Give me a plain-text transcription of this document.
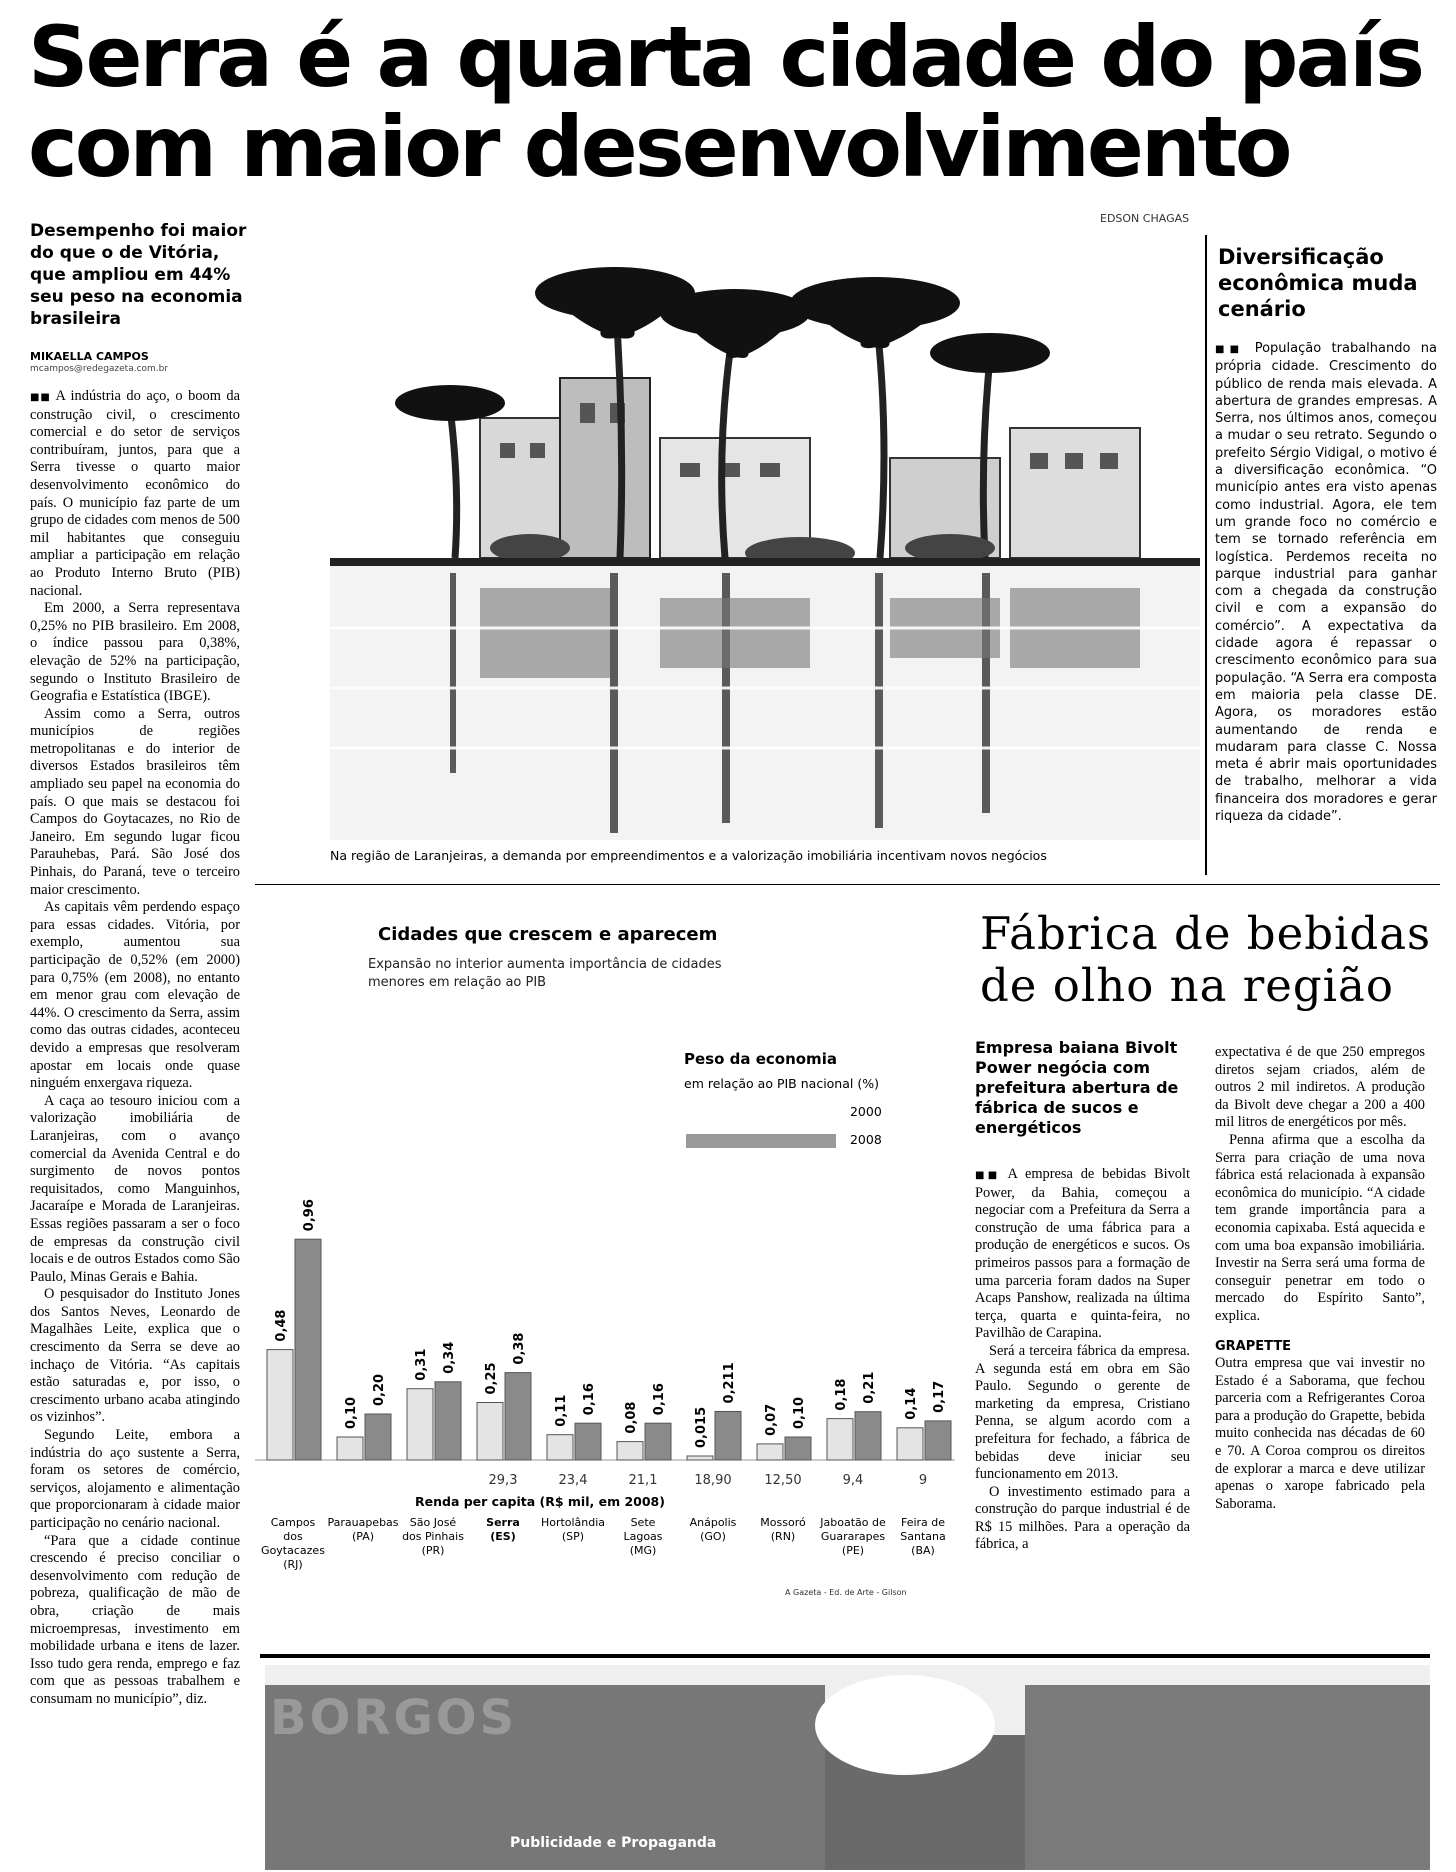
Serra é a quarta cidade do país
com maior desenvolvimento
Desempenho foi maior do que o de Vitória, que ampliou em 44% seu peso na economia brasileira
MIKAELLA CAMPOS
mcampos@redegazeta.com.br

■■ A indústria do aço, o boom da construção civil, o crescimento comercial e do setor de serviços contribuíram, juntos, para que a Serra tivesse o quarto maior desenvolvimento econômico do país. O município faz parte de um grupo de cidades com menos de 500 mil habitantes que conseguiu ampliar a participação em relação ao Produto Interno Bruto (PIB) nacional.

Em 2000, a Serra representava 0,25% no PIB brasileiro. Em 2008, o índice passou para 0,38%, elevação de 52% na participação, segundo o Instituto Brasileiro de Geografia e Estatística (IBGE).

Assim como a Serra, outros municípios de regiões metropolitanas e do interior de diversos Estados brasileiros têm ampliado seu papel na economia do país. O que mais se destacou foi Campos do Goytacazes, no Rio de Janeiro. Em segundo lugar ficou Parauhebas, Pará. São José dos Pinhais, do Paraná, teve o terceiro maior crescimento.

As capitais vêm perdendo espaço para essas cidades. Vitória, por exemplo, aumentou sua participação de 0,52% (em 2000) para 0,75% (em 2008), no entanto em menor grau com elevação de 44%. O crescimento da Serra, assim como das outras cidades, aconteceu devido a empresas que resolveram apostar em locais onde quase ninguém enxergava riqueza.

A caça ao tesouro iniciou com a valorização imobiliária de Laranjeiras, com o avanço comercial da Avenida Central e do surgimento de novos pontos requisitados, como Manguinhos, Jacaraípe e Morada de Laranjeiras. Essas regiões passaram a ser o foco de empresas da construção civil locais e de outros Estados como São Paulo, Minas Gerais e Bahia.

O pesquisador do Instituto Jones dos Santos Neves, Leonardo de Magalhães Leite, explica que o crescimento da Serra se deve ao inchaço de Vitória. “As capitais estão saturadas e, por isso, o crescimento urbano acaba atingindo os vizinhos”.

Segundo Leite, embora a indústria do aço sustente a Serra, foram os setores de comércio, serviços, alojamento e alimentação que proporcionaram à cidade maior participação no cenário nacional.

“Para que a cidade continue crescendo é preciso conciliar o desenvolvimento com redução de pobreza, qualificação de mão de obra, criação de mais microempresas, investimento em mobilidade urbana e itens de lazer. Isso tudo gera renda, emprego e faz com que as pessoas trabalhem e consumam no município”, diz.

EDSON CHAGAS
Na região de Laranjeiras, a demanda por empreendimentos e a valorização imobiliária incentivam novos negócios
Diversificação econômica muda cenário
■■ População trabalhando na própria cidade. Crescimento do público de renda mais elevada. A abertura de grandes empresas. A Serra, nos últimos anos, começou a mudar o seu retrato. Segundo o prefeito Sérgio Vidigal, o motivo é a diversificação econômica. “O município antes era visto apenas como industrial. Agora, ele tem um grande foco no comércio e tem se tornado referência em logística. Perdemos receita no parque industrial para ganhar com a chegada da construção civil e com a expansão do comércio”. A expectativa da cidade agora é repassar o crescimento econômico para sua população. “A Serra era composta em maioria pela classe DE. Agora, os moradores estão aumentando de renda e mudaram para classe C. Nossa meta é abrir mais oportunidades de trabalho, melhorar a vida financeira dos moradores e gerar riqueza da cidade”.
Cidades que crescem e aparecem
Expansão no interior aumenta importância de cidades menores em relação ao PIB
Peso da economia
em relação ao PIB nacional (%)
2000
2008
0,48
0,96
Campos
dos
Goytacazes
(RJ)
0,10
0,20
Parauapebas
(PA)
0,31 0,34
São José
dos Pinhais
(PR)
0,25
0,38
29,3
Serra
(ES)
0,11 0,16
23,4
Hortolândia
(SP)
0,08
0,16
21,1
Sete
Lagoas
(MG)
0,015
0,211
18,90
Anápolis
(GO)
0,07 0,10
12,50
Mossoró
(RN)
0,18 0,21
9,4
Jaboatão de
Guararapes
(PE)
0,14 0,17
9
Feira de
Santana
(BA)
Renda per capita (R$ mil, em 2008)
A Gazeta - Ed. de Arte - Gilson
Fábrica de bebidas
de olho na região
Empresa baiana Bivolt Power negócia com prefeitura abertura de fábrica de sucos e energéticos

■■ A empresa de bebidas Bivolt Power, da Bahia, começou a negociar com a Prefeitura da Serra a construção de uma fábrica para a produção de energéticos e sucos. Os primeiros passos para a formação de uma parceria foram dados na Super Acaps Panshow, realizada na última terça, quarta e quinta-feira, no Pavilhão de Carapina.

Será a terceira fábrica da empresa. A segunda está em obra em São Paulo. Segundo o gerente de marketing da empresa, Cristiano Penna, se algum acordo com a prefeitura for fechado, a fábrica de bebidas deve iniciar seu funcionamento em 2013.

O investimento estimado para a construção do parque industrial é de R$ 15 milhões. Para a operação da fábrica, a

expectativa é de que 250 empregos diretos sejam criados, além de outros 2 mil indiretos. A produção da Bivolt deve chegar a 200 a 400 mil litros de energéticos por mês.

Penna afirma que a escolha da Serra para criação de uma nova fábrica está relacionada à expansão econômica do município. “A cidade tem grande importância para a economia capixaba. Está aquecida e com uma boa expansão imobiliária. Investir na Serra será uma forma de conseguir penetrar em todo o mercado do Espírito Santo”, explica.

GRAPETTE

Outra empresa que vai investir no Estado é a Saborama, que fechou parceria com a Refrigerantes Coroa para a produção do Grapette, bebida muito conhecida nas décadas de 60 e 70. A Coroa comprou os direitos de explorar a marca e deve utilizar apenas o xarope fabricado pela Saborama.

BORGOS
Publicidade e Propaganda
